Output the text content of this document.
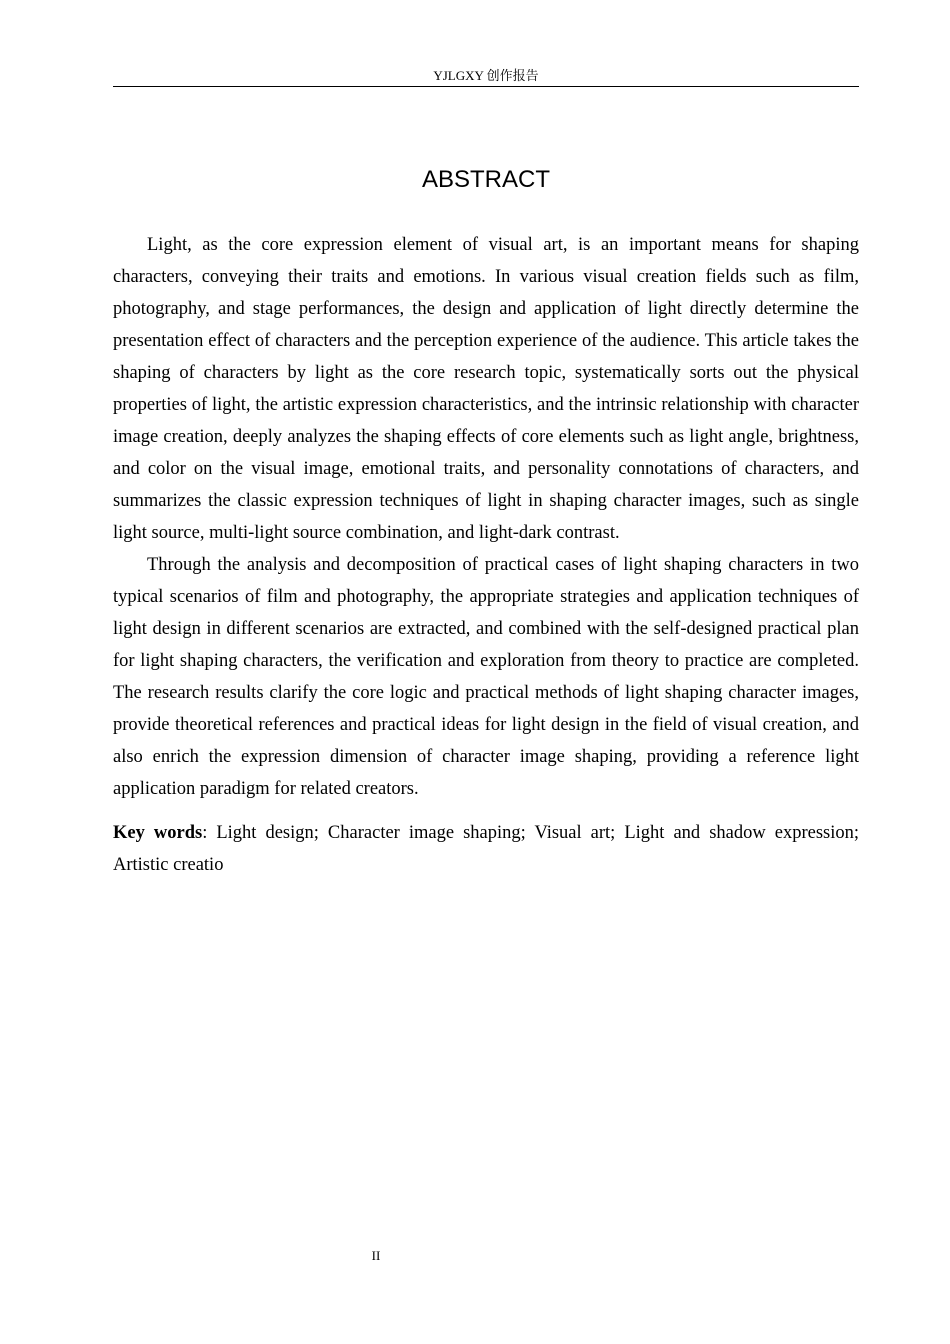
YJLGXY 创作报告
ABSTRACT

Light, as the core expression element of visual art, is an important means for shaping characters, conveying their traits and emotions. In various visual creation fields such as film, photography, and stage performances, the design and application of light directly determine the presentation effect of characters and the perception experience of the audience. This article takes the shaping of characters by light as the core research topic, systematically sorts out the physical properties of light, the artistic expression characteristics, and the intrinsic relationship with character image creation, deeply analyzes the shaping effects of core elements such as light angle, brightness, and color on the visual image, emotional traits, and personality connotations of characters, and summarizes the classic expression techniques of light in shaping character images, such as single light source, multi-light source combination, and light-dark contrast.

Through the analysis and decomposition of practical cases of light shaping characters in two typical scenarios of film and photography, the appropriate strategies and application techniques of light design in different scenarios are extracted, and combined with the self-designed practical plan for light shaping characters, the verification and exploration from theory to practice are completed. The research results clarify the core logic and practical methods of light shaping character images, provide theoretical references and practical ideas for light design in the field of visual creation, and also enrich the expression dimension of character image shaping, providing a reference light application paradigm for related creators.

Key words: Light design; Character image shaping; Visual art; Light and shadow expression; Artistic creatio

II
